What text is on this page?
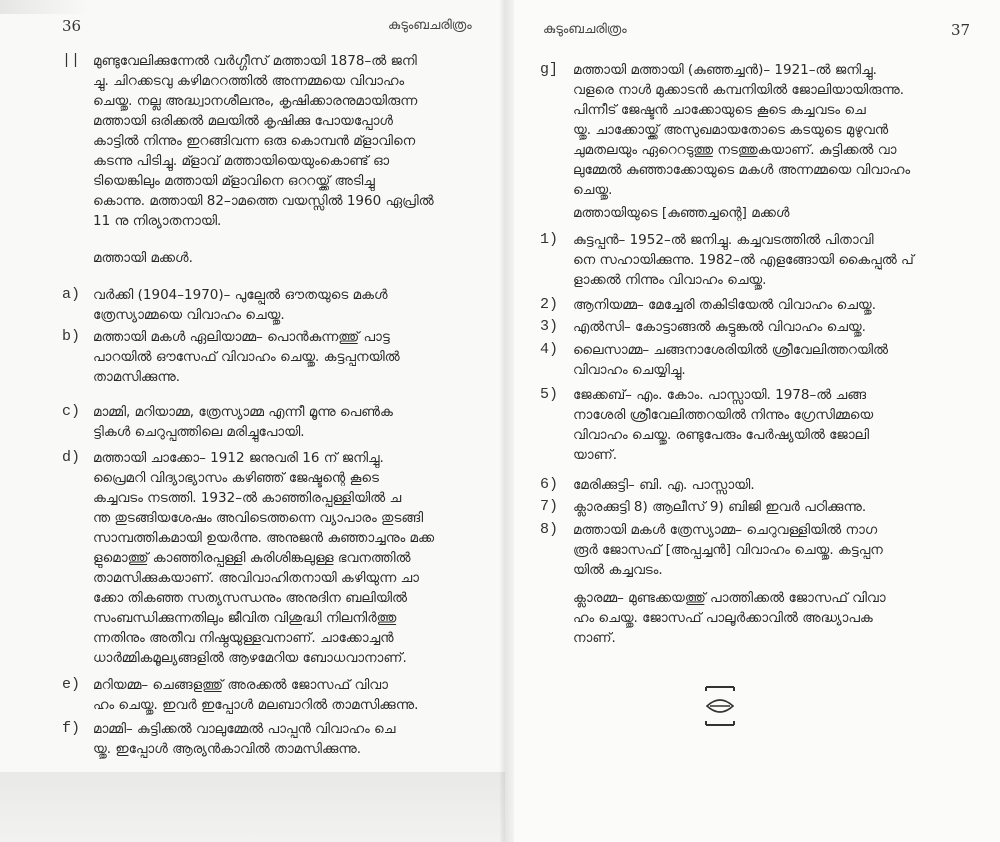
36	കുടുംബചരിത്രം
|| മുണ്ടുവേലിക്കുന്നേൽ വർഗ്ഗീസ് മത്തായി 1878–ൽ ജനി
ച്ചു. ചിറക്കടവു കഴിമററത്തിൽ അന്നമ്മയെ വിവാഹം
ചെയ്തു. നല്ല അദ്ധ്വാനശീലനും, കൃഷിക്കാരനുമായിരുന്ന
മത്തായി ഒരിക്കൽ മലയിൽ കൃഷിക്കു പോയപ്പോൾ
കാട്ടിൽ നിന്നും ഇറങ്ങിവന്ന ഒരു കൊമ്പൻ മ്ളാവിനെ
കടന്നു പിടിച്ചു. മ്ളാവ് മത്തായിയെയുംകൊണ്ട് ഓ
ടിയെങ്കിലും മത്തായി മ്ളാവിനെ ഒററയ്ക്ക് അടിച്ചു
കൊന്നു. മത്തായി 82–ാമത്തെ വയസ്സിൽ 1960 ഏപ്രിൽ
11 നു നിര്യാതനായി.
മത്തായി മക്കൾ.
a) വർക്കി (1904–1970)– പുല്പ്പേൽ ഔതയുടെ മകൾ
ത്രേസ്യാമ്മയെ വിവാഹം ചെയ്തു.
b) മത്തായി മകൾ ഏലിയാമ്മ– പൊൻകുന്നത്തു് പാട്ട
പാറയിൽ ഔസേഫ് വിവാഹം ചെയ്തു. കട്ടപ്പനയിൽ
താമസിക്കുന്നു.
c) മാമ്മി, മറിയാമ്മ, ത്രേസ്യാമ്മ എന്നീ മൂന്നു പെൺക
ട്ടികൾ ചെറുപ്പത്തിലെ മരിച്ചുപോയി.
d) മത്തായി ചാക്കോ– 1912 ജനുവരി 16 ന് ജനിച്ചു.
പ്രൈമറി വിദ്യാഭ്യാസം കഴിഞ്ഞ് ജേഷ്ടന്റെ കൂടെ
കച്ചവടം നടത്തി. 1932–ൽ കാഞ്ഞിരപ്പള്ളിയിൽ ച
ന്ത തുടങ്ങിയശേഷം അവിടെത്തന്നെ വ്യാപാരം തുടങ്ങി
സാമ്പത്തികമായി ഉയർന്നു. അനുജൻ കുഞ്ഞാച്ചനും മക്ക
ളുമൊത്തു് കാഞ്ഞിരപ്പള്ളി കുരിശിങ്കലുള്ള ഭവനത്തിൽ
താമസിക്കുകയാണ്. അവിവാഹിതനായി കഴിയുന്ന ചാ
ക്കോ തികഞ്ഞ സത്യസന്ധനും അനുദിന ബലിയിൽ
സംബന്ധിക്കുന്നതിലും ജീവിത വിശുദ്ധി നിലനിർത്തു
ന്നതിനും അതീവ നിഷ്ഠയുള്ളവനാണ്. ചാക്കോച്ചൻ
ധാർമ്മികമൂല്യങ്ങളിൽ ആഴമേറിയ ബോധവാനാണ്.
e) മറിയമ്മ– ചെങ്ങളത്തു് അരക്കൽ ജോസഫ് വിവാ
ഹം ചെയ്തു. ഇവർ ഇപ്പോൾ മലബാറിൽ താമസിക്കുന്നു.
f) മാമ്മി– കുട്ടിക്കൽ വാലുമ്മേൽ പാപ്പൻ വിവാഹം ചെ
യ്തു. ഇപ്പോൾ ആര്യൻകാവിൽ താമസിക്കുന്നു.
കുടുംബചരിത്രം	37
g] മത്തായി മത്തായി (കുഞ്ഞച്ചൻ)– 1921–ൽ ജനിച്ചു.
വളരെ നാൾ മുക്കാടൻ കമ്പനിയിൽ ജോലിയായിരുന്നു.
പിന്നീട് ജേഷ്ടൻ ചാക്കോയുടെ കൂടെ കച്ചവടം ചെ
യ്തു. ചാക്കോയ്ക്ക് അസുഖമായതോടെ കടയുടെ മുഴുവൻ
ചുമതലയും ഏറെറടുത്തു നടത്തുകയാണ്. കുട്ടിക്കൽ വാ
ലുമ്മേൽ കുഞ്ഞാക്കോയുടെ മകൾ അന്നമ്മയെ വിവാഹം
ചെയ്തു.
മത്തായിയുടെ [കുഞ്ഞച്ചന്റെ] മക്കൾ
1) കുട്ടപ്പൻ– 1952–ൽ ജനിച്ചു. കച്ചവടത്തിൽ പിതാവി
നെ സഹായിക്കുന്നു. 1982–ൽ എളങ്ങോയി കൈപ്പുൽ പ്
ളാക്കൽ നിന്നും വിവാഹം ചെയ്തു.
2) ആനിയമ്മ– മേച്ചേരി തകിടിയേൽ വിവാഹം ചെയ്തു.
3) എൽസി– കോട്ടാങ്ങൽ കുട്ടുങ്കൽ വിവാഹം ചെയ്തു.
4) ലൈസാമ്മ– ചങ്ങനാശേരിയിൽ ശ്രീവേലിത്തറയിൽ
വിവാഹം ചെയ്യിച്ചു.
5) ജേക്കബ്– എം. കോം. പാസ്സായി. 1978–ൽ ചങ്ങ
നാശേരി ശ്രീവേലിത്തറയിൽ നിന്നും ഗ്രേസിമ്മയെ
വിവാഹം ചെയ്തു. രണ്ടുപേരും പേർഷ്യയിൽ ജോലി
യാണ്.
6) മേരിക്കുട്ടി– ബി. എ. പാസ്സായി.
7) ക്ലാരക്കുട്ടി 8) ആലീസ് 9) ബിജി ഇവർ പഠിക്കുന്നു.
8) മത്തായി മകൾ ത്രേസ്യാമ്മ– ചെറുവള്ളിയിൽ നാഗ
രൂർ ജോസഫ് [അപ്പച്ചൻ] വിവാഹം ചെയ്തു. കട്ടപ്പന
യിൽ കച്ചവടം.
ക്ലാരമ്മ– മുണ്ടക്കയത്തു് പാത്തിക്കൽ ജോസഫ് വിവാ
ഹം ചെയ്തു. ജോസഫ് പാലൂർക്കാവിൽ അദ്ധ്യാപക
നാണ്.
